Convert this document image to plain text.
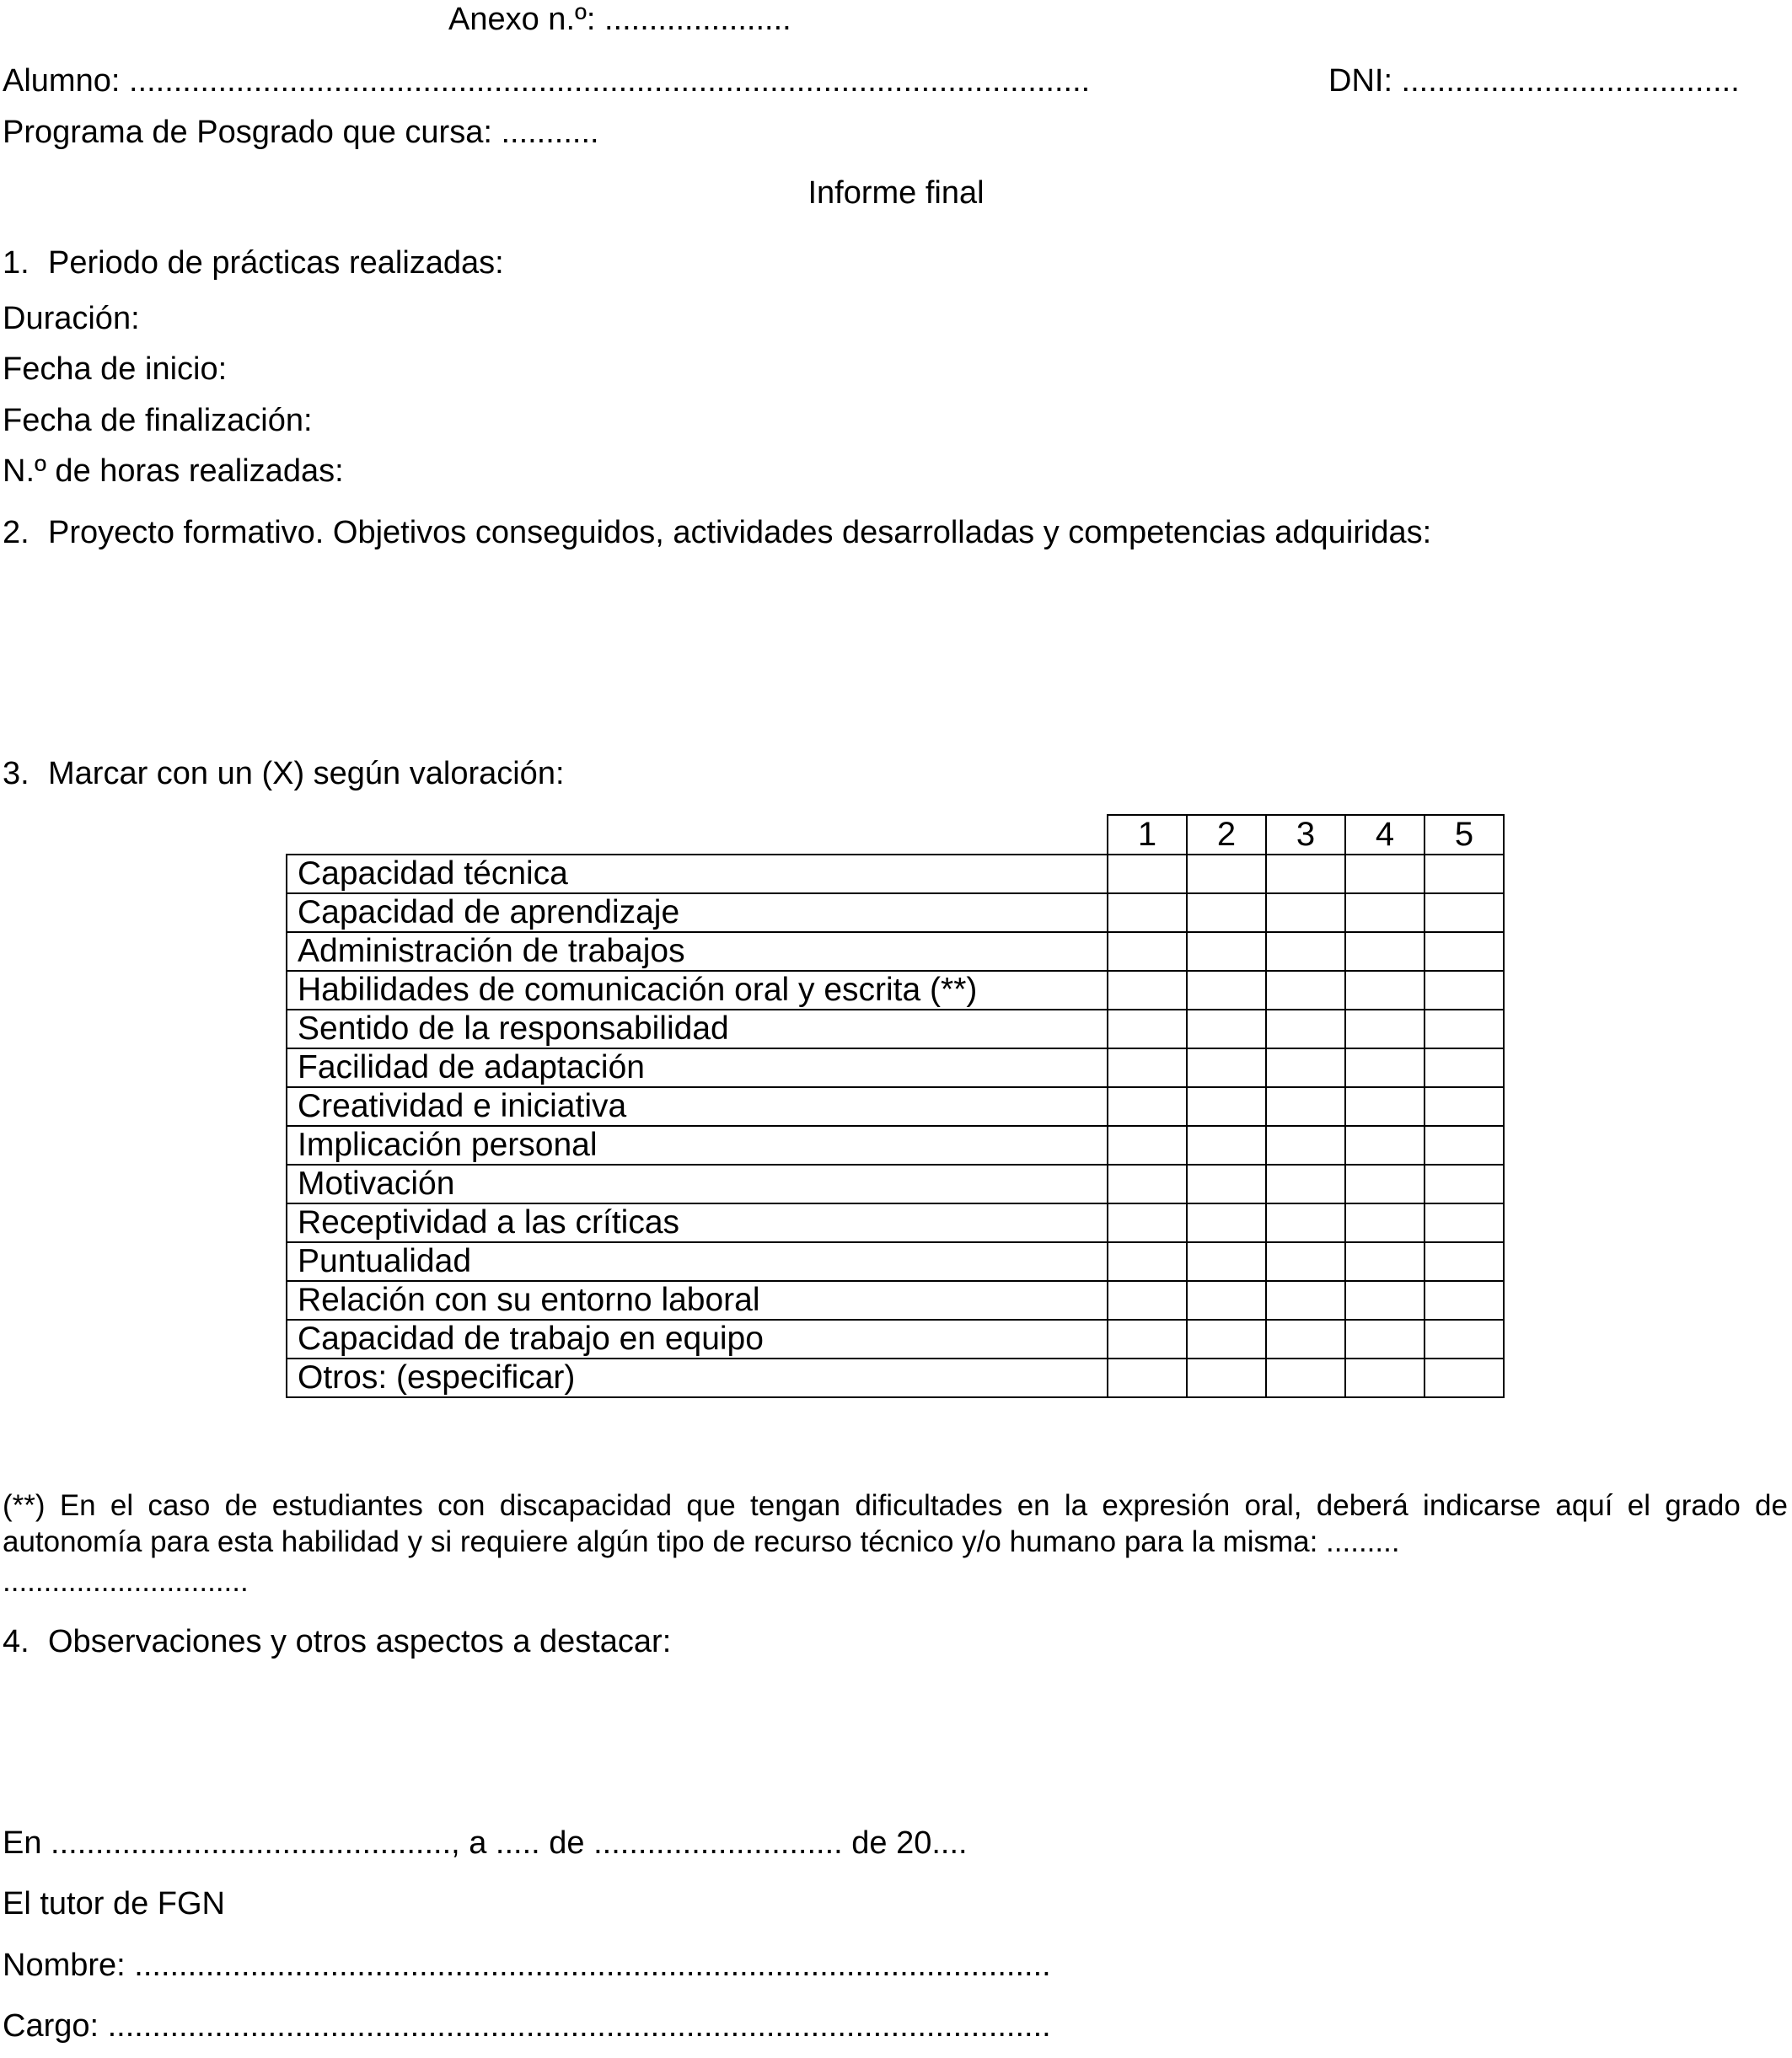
Anexo n.º: .....................
Alumno: ............................................................................................................	DNI: ......................................
Programa de Posgrado que cursa: ...........
Informe final
1. Periodo de prácticas realizadas:
Duración:
Fecha de inicio:
Fecha de finalización:
N.º de horas realizadas:
2. Proyecto formativo. Objetivos conseguidos, actividades desarrolladas y competencias adquiridas:
3. Marcar con un (X) según valoración:
	1	2	3	4	5
Capacidad técnica					
Capacidad de aprendizaje					
Administración de trabajos					
Habilidades de comunicación oral y escrita (**)					
Sentido de la responsabilidad					
Facilidad de adaptación					
Creatividad e iniciativa					
Implicación personal					
Motivación					
Receptividad a las críticas					
Puntualidad					
Relación con su entorno laboral					
Capacidad de trabajo en equipo					
Otros: (especificar)					
(**) En el caso de estudiantes con discapacidad que tengan dificultades en la expresión oral, deberá indicarse aquí el grado de autonomía para esta habilidad y si requiere algún tipo de recurso técnico y/o humano para la misma: .........
..............................
4. Observaciones y otros aspectos a destacar:
En ............................................., a ..... de ............................ de 20....
El tutor de FGN
Nombre: .......................................................................................................
Cargo: ..........................................................................................................
